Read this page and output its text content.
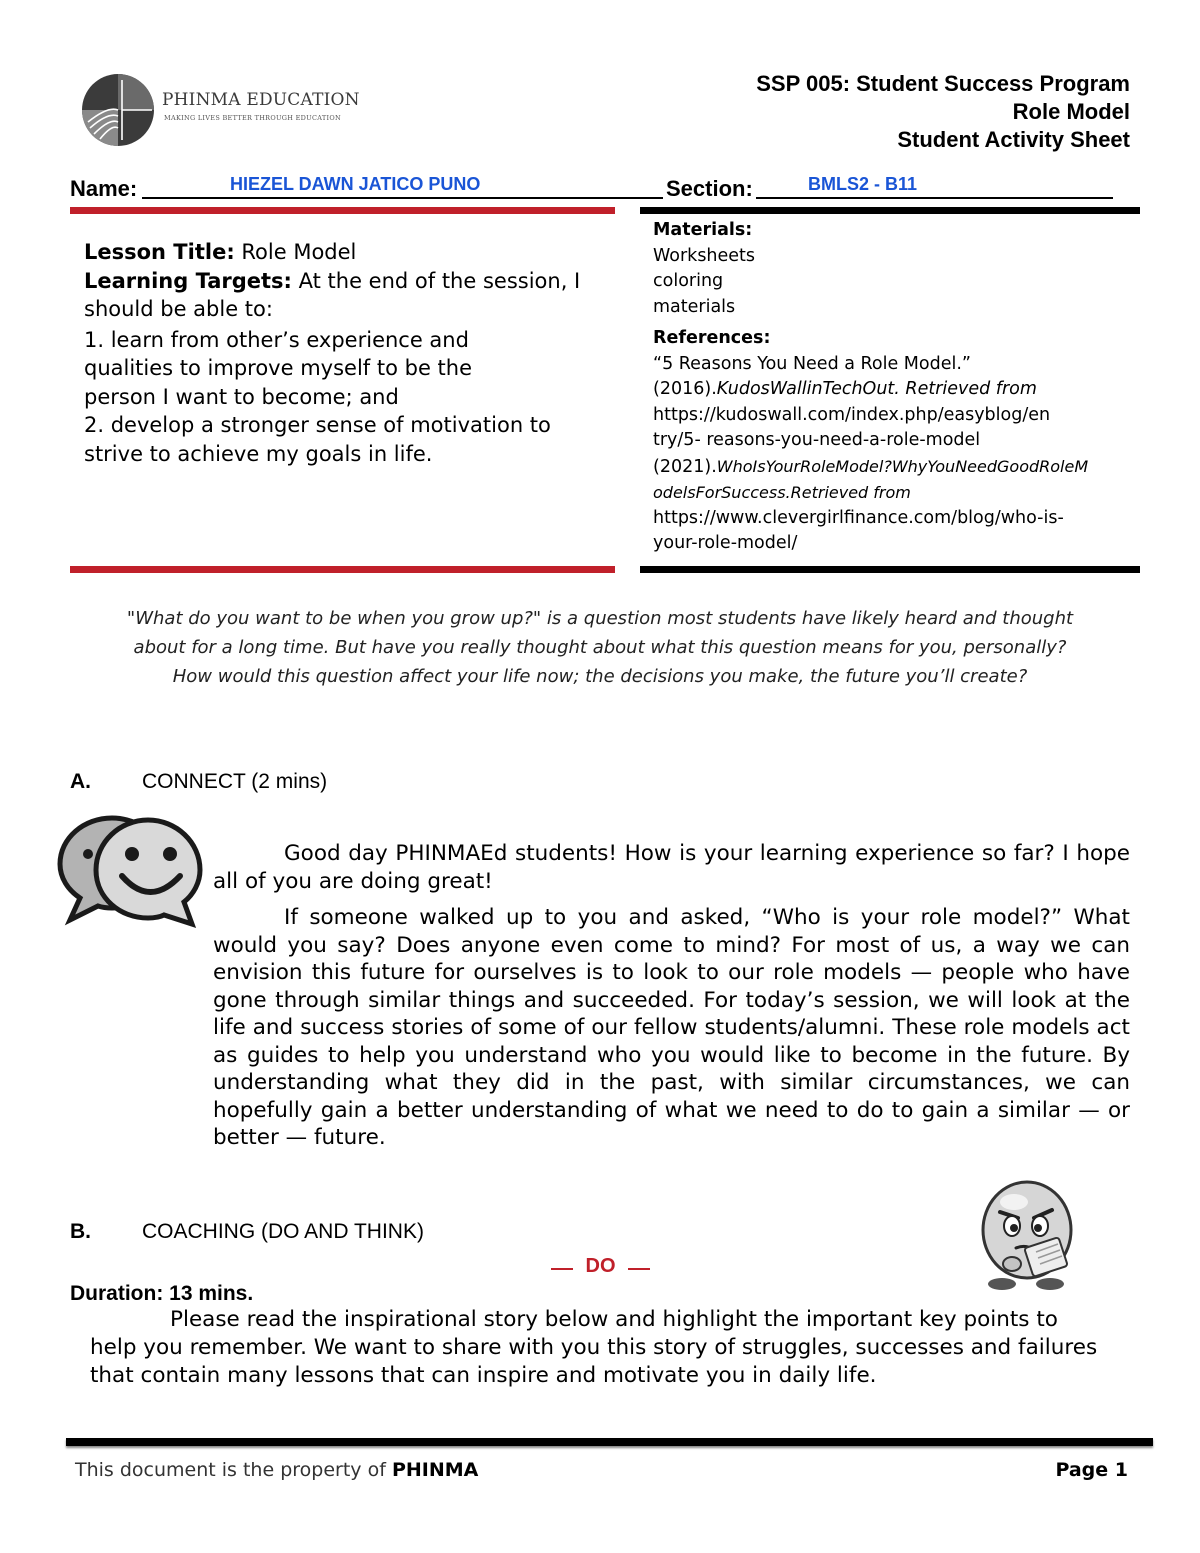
PHINMA EDUCATION
MAKING LIVES BETTER THROUGH EDUCATION
SSP 005: Student Success Program
Role Model
Student Activity Sheet
Name:	HIEZEL DAWN JATICO PUNO	Section:	BMLS2 - B11
Lesson Title: Role Model
Learning Targets: At the end of the session, I should be able to:
1. learn from other’s experience and qualities to improve myself to be the person I want to become; and
2. develop a stronger sense of motivation to strive to achieve my goals in life.
Materials:
Worksheets
coloring
materials
References:
“5 Reasons You Need a Role Model.”
(2016).KudosWallinTechOut. Retrieved from
https://kudoswall.com/index.php/easyblog/en
try/5- reasons-you-need-a-role-model
(2021).WhoIsYourRoleModel?WhyYouNeedGoodRoleM
odelsForSuccess.Retrieved from
https://www.clevergirlfinance.com/blog/who-is-
your-role-model/
"What do you want to be when you grow up?" is a question most students have likely heard and thought
about for a long time. But have you really thought about what this question means for you, personally?
How would this question affect your life now; the decisions you make, the future you’ll create?
A. CONNECT (2 mins)

Good day PHINMAEd students! How is your learning experience so far? I hope all of you are doing great!

If someone walked up to you and asked, “Who is your role model?” What would you say? Does anyone even come to mind? For most of us, a way we can envision this future for ourselves is to look to our role models — people who have gone through similar things and succeeded. For today’s session, we will look at the life and success stories of some of our fellow students/alumni. These role models act as guides to help you understand who you would like to become in the future. By understanding what they did in the past, with similar circumstances, we can hopefully gain a better understanding of what we need to do to gain a similar — or better — future.

B. COACHING (DO AND THINK)
DO
Duration: 13 mins.
Please read the inspirational story below and highlight the important key points to help you remember. We want to share with you this story of struggles, successes and failures that contain many lessons that can inspire and motivate you in daily life.
This document is the property of PHINMA	Page 1
